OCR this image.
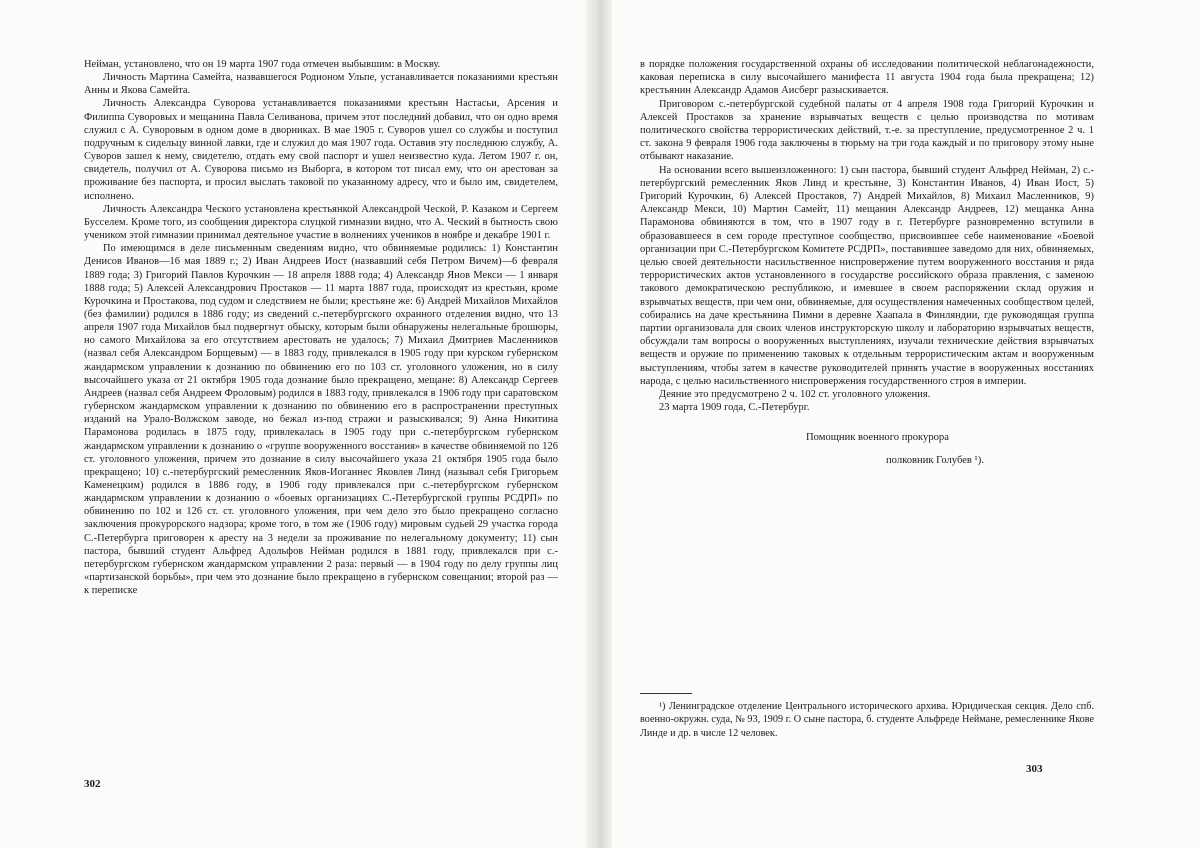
Нейман, установлено, что он 19 марта 1907 года отмечен выбывшим: в Москву.

Личность Мартина Самейта, назвавшегося Родионом Ульпе, устанавливается показаниями крестьян Анны и Якова Самейта.

Личность Александра Суворова устанавливается показаниями крестьян Настасьи, Арсения и Филиппа Суворовых и мещанина Павла Селиванова, причем этот последний добавил, что он одно время служил с А. Суворовым в одном доме в дворниках. В мае 1905 г. Суворов ушел со службы и поступил подручным к сидельцу винной лавки, где и служил до мая 1907 года. Оставив эту последнюю службу, А. Суворов зашел к нему, свидетелю, отдать ему свой паспорт и ушел неизвестно куда. Летом 1907 г. он, свидетель, получил от А. Суворова письмо из Выборга, в котором тот писал ему, что он арестован за проживание без паспорта, и просил выслать таковой по указанному адресу, что и было им, свидетелем, исполнено.

Личность Александра Ческого установлена крестьянкой Александрой Ческой, Р. Казаком и Сергеем Бусселем. Кроме того, из сообщения директора слуцкой гимназии видно, что А. Ческий в бытность свою учеником этой гимназии принимал деятельное участие в волнениях учеников в ноябре и декабре 1901 г.

По имеющимся в деле письменным сведениям видно, что обвиняемые родились: 1) Константин Денисов Иванов—16 мая 1889 г.; 2) Иван Андреев Иост (назвавший себя Петром Вичем)—6 февраля 1889 года; 3) Григорий Павлов Курочкин — 18 апреля 1888 года; 4) Александр Янов Мекси — 1 января 1888 года; 5) Алексей Александрович Простаков — 11 марта 1887 года, происходят из крестьян, кроме Курочкина и Простакова, под судом и следствием не были; крестьяне же: 6) Андрей Михайлов Михайлов (без фамилии) родился в 1886 году; из сведений с.-петербургского охранного отделения видно, что 13 апреля 1907 года Михайлов был подвергнут обыску, которым были обнаружены нелегальные брошюры, но самого Михайлова за его отсутствием арестовать не удалось; 7) Михаил Дмитриев Масленников (назвал себя Александром Борщевым) — в 1883 году, привлекался в 1905 году при курском губернском жандармском управлении к дознанию по обвинению его по 103 ст. уголовного уложения, но в силу высочайшего указа от 21 октября 1905 года дознание было прекращено, мещане: 8) Александр Сергеев Андреев (назвал себя Андреем Фроловым) родился в 1883 году, привлекался в 1906 году при саратовском губернском жандармском управлении к дознанию по обвинению его в распространении преступных изданий на Урало-Волжском заводе, но бежал из-под стражи и разыскивался; 9) Анна Никитина Парамонова родилась в 1875 году, привлекалась в 1905 году при с.-петербургском губернском жандармском управлении к дознанию о «группе вооруженного восстания» в качестве обвиняемой по 126 ст. уголовного уложения, причем это дознание в силу высочайшего указа 21 октября 1905 года было прекращено; 10) с.-петербургский ремесленник Яков-Иоганнес Яковлев Линд (называл себя Григорьем Каменецким) родился в 1886 году, в 1906 году привлекался при с.-петербургском губернском жандармском управлении к дознанию о «боевых организациях С.-Петербургской группы РСДРП» по обвинению по 102 и 126 ст. ст. уголовного уложения, при чем дело это было прекращено согласно заключения прокурорского надзора; кроме того, в том же (1906 году) мировым судьей 29 участка города С.-Петербурга приговорен к аресту на 3 недели за проживание по нелегальному документу; 11) сын пастора, бывший студент Альфред Адольфов Нейман родился в 1881 году, привлекался при с.-петербургском губернском жандармском управлении 2 раза: первый — в 1904 году по делу группы лиц «партизанской борьбы», при чем это дознание было прекращено в губернском совещании; второй раз — к переписке

302

в порядке положения государственной охраны об исследовании политической неблагонадежности, каковая переписка в силу высочайшего манифеста 11 августа 1904 года была прекращена; 12) крестьянин Александр Адамов Аисберг разыскивается.

Приговором с.-петербургской судебной палаты от 4 апреля 1908 года Григорий Курочкин и Алексей Простаков за хранение взрывчатых веществ с целью производства по мотивам политического свойства террористических действий, т.-е. за преступление, предусмотренное 2 ч. 1 ст. закона 9 февраля 1906 года заключены в тюрьму на три года каждый и по приговору этому ныне отбывают наказание.

На основании всего вышеизложенного: 1) сын пастора, бывший студент Альфред Нейман, 2) с.-петербургский ремесленник Яков Линд и крестьяне, 3) Константин Иванов, 4) Иван Иост, 5) Григорий Курочкин, 6) Алексей Простаков, 7) Андрей Михайлов, 8) Михаил Масленников, 9) Александр Мекси, 10) Мартин Самейт, 11) мещанин Александр Андреев, 12) мещанка Анна Парамонова обвиняются в том, что в 1907 году в г. Петербурге разновременно вступили в образовавшееся в сем городе преступное сообщество, присвоившее себе наименование «Боевой организации при С.-Петербургском Комитете РСДРП», поставившее заведомо для них, обвиняемых, целью своей деятельности насильственное ниспровержение путем вооруженного восстания и ряда террористических актов установленного в государстве российского образа правления, с заменою такового демократическою республикою, и имевшее в своем распоряжении склад оружия и взрывчатых веществ, при чем они, обвиняемые, для осуществления намеченных сообществом целей, собирались на даче крестьянина Пимни в деревне Хаапала в Финляндии, где руководящая группа партии организовала для своих членов инструкторскую школу и лабораторию взрывчатых веществ, обсуждали там вопросы о вооруженных выступлениях, изучали технические действия взрывчатых веществ и оружие по применению таковых к отдельным террористическим актам и вооруженным выступлениям, чтобы затем в качестве руководителей принять участие в вооруженных восстаниях народа, с целью насильственного ниспровержения государственного строя в империи.

Деяние это предусмотрено 2 ч. 102 ст. уголовного уложения.

23 марта 1909 года, С.-Петербург.

Помощник военного прокурора
полковник Голубев ¹).

¹) Ленинградское отделение Центрального исторического архива. Юридическая секция. Дело спб. военно-окружн. суда, № 93, 1909 г. О сыне пастора, б. студенте Альфреде Неймане, ремесленнике Якове Линде и др. в числе 12 человек.

303
